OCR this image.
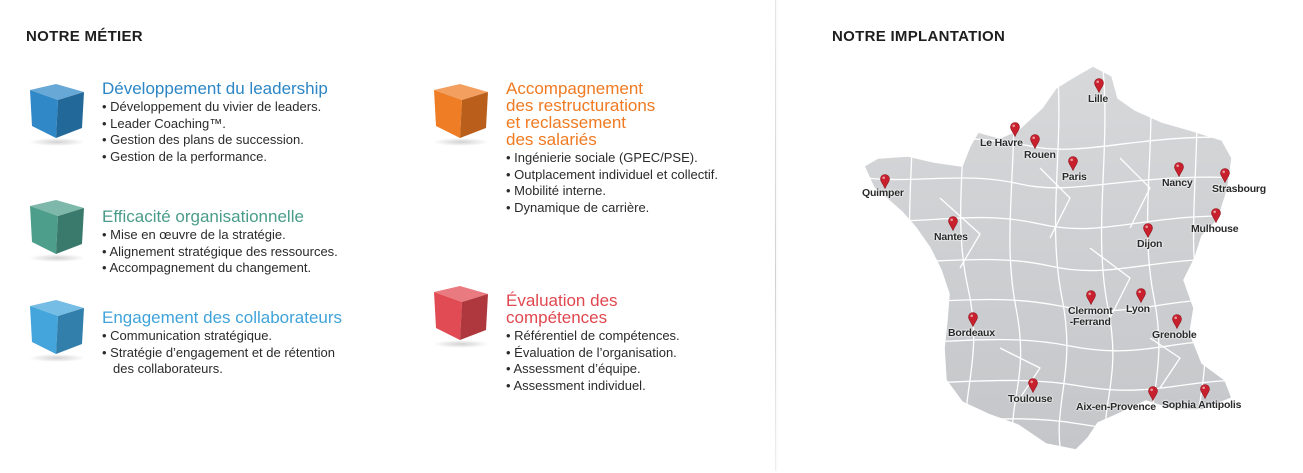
NOTRE MÉTIER	NOTRE IMPLANTATION
Développement du leadership
• Développement du vivier de leaders.
• Leader Coaching™.
• Gestion des plans de succession.
• Gestion de la performance.
Efficacité organisationnelle
• Mise en œuvre de la stratégie.
• Alignement stratégique des ressources.
• Accompagnement du changement.
Engagement des collaborateurs
• Communication stratégique.
• Stratégie d’engagement et de rétention
des collaborateurs.
Accompagnement
des restructurations
et reclassement
des salariés
• Ingénierie sociale (GPEC/PSE).
• Outplacement individuel et collectif.
• Mobilité interne.
• Dynamique de carrière.
Évaluation des
compétences
• Référentiel de compétences.
• Évaluation de l’organisation.
• Assessment d’équipe.
• Assessment individuel.
Lille
Le Havre
Rouen
Paris	Nancy Strasbourg
Quimper
Nantes
Dijon
Mulhouse
Clermont
-Ferrand
Lyon
Grenoble
Bordeaux
Toulouse
Aix-en-Provence Sophia Antipolis
